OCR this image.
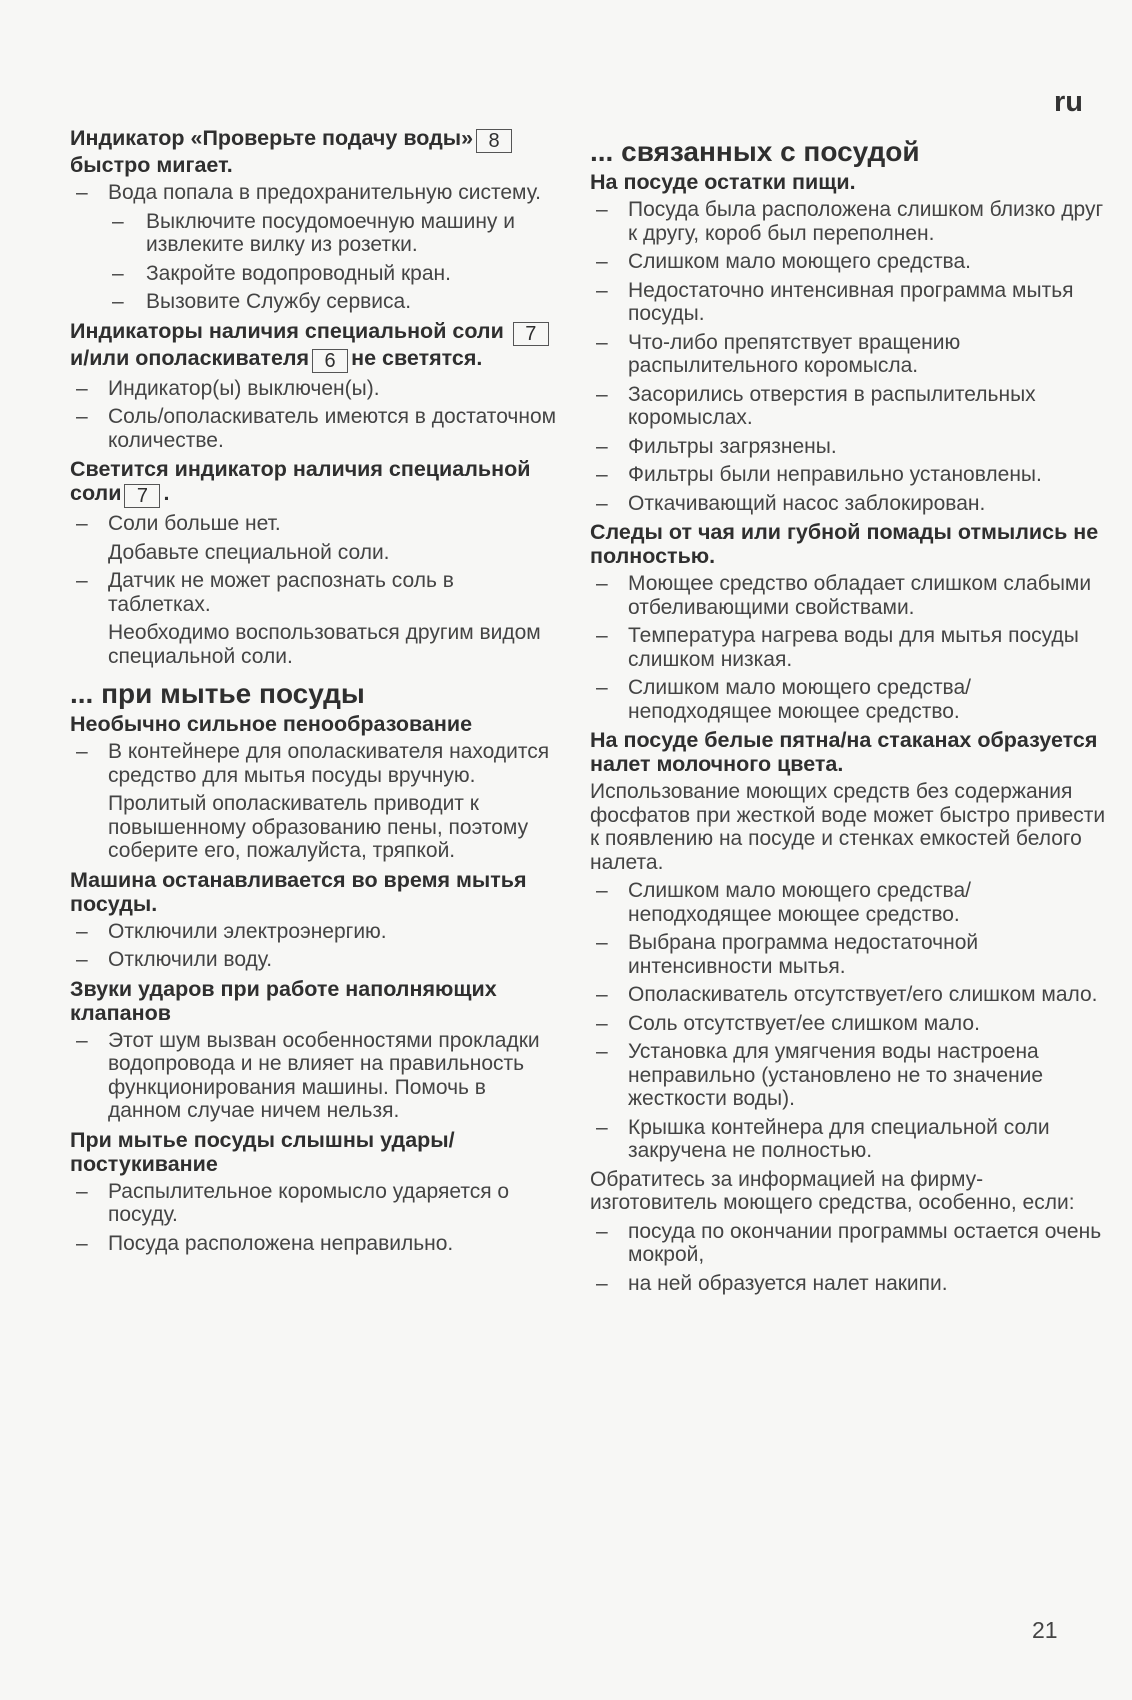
ru
Индикатор «Проверьте подачу воды» 8быстро мигает.
– Вода попала в предохранительную систему.
– Выключите посудомоечную машину и извлеките вилку из розетки.
– Закройте водопроводный кран.
– Вызовите Службу сервиса.
Индикаторы наличия специальной соли 7и/или ополаскивателя 6 не светятся.
– Индикатор(ы) выключен(ы).
– Соль/ополаскиватель имеются в достаточном количестве.
Светится индикатор наличия специальной соли 7 .
– Соли больше нет.
Добавьте специальной соли.
– Датчик не может распознать соль в таблетках.
Необходимо воспользоваться другим видом специальной соли.
... при мытье посуды
Необычно сильное пенообразование
– В контейнере для ополаскивателя находится средство для мытья посуды вручную.
Пролитый ополаскиватель приводит к повышенному образованию пены, поэтому соберите его, пожалуйста, тряпкой.
Машина останавливается во время мытья посуды.
– Отключили электроэнергию.
– Отключили воду.
Звуки ударов при работе наполняющих клапанов
– Этот шум вызван особенностями прокладки водопровода и не влияет на правильность функционирования машины. Помочь в данном случае ничем нельзя.
При мытье посуды слышны удары/ постукивание
– Распылительное коромысло ударяется о посуду.
– Посуда расположена неправильно.
... связанных с посудой
На посуде остатки пищи.
– Посуда была расположена слишком близко друг к другу, короб был переполнен.
– Слишком мало моющего средства.
– Недостаточно интенсивная программа мытья посуды.
– Что-либо препятствует вращению распылительного коромысла.
– Засорились отверстия в распылительных коромыслах.
– Фильтры загрязнены.
– Фильтры были неправильно установлены.
– Откачивающий насос заблокирован.
Следы от чая или губной помады отмылись не полностью.
– Моющее средство обладает слишком слабыми отбеливающими свойствами.
– Температура нагрева воды для мытья посуды слишком низкая.
– Слишком мало моющего средства/ неподходящее моющее средство.
На посуде белые пятна/на стаканах образуется налет молочного цвета.
Использование моющих средств без содержания фосфатов при жесткой воде может быстро привести к появлению на посуде и стенках емкостей белого налета.
– Слишком мало моющего средства/ неподходящее моющее средство.
– Выбрана программа недостаточной интенсивности мытья.
– Ополаскиватель отсутствует/его слишком мало.
– Соль отсутствует/ее слишком мало.
– Установка для умягчения воды настроена неправильно (установлено не то значение жесткости воды).
– Крышка контейнера для специальной соли закручена не полностью.
Обратитесь за информацией на фирму-изготовитель моющего средства, особенно, если:
– посуда по окончании программы остается очень мокрой,
– на ней образуется налет накипи.
21
